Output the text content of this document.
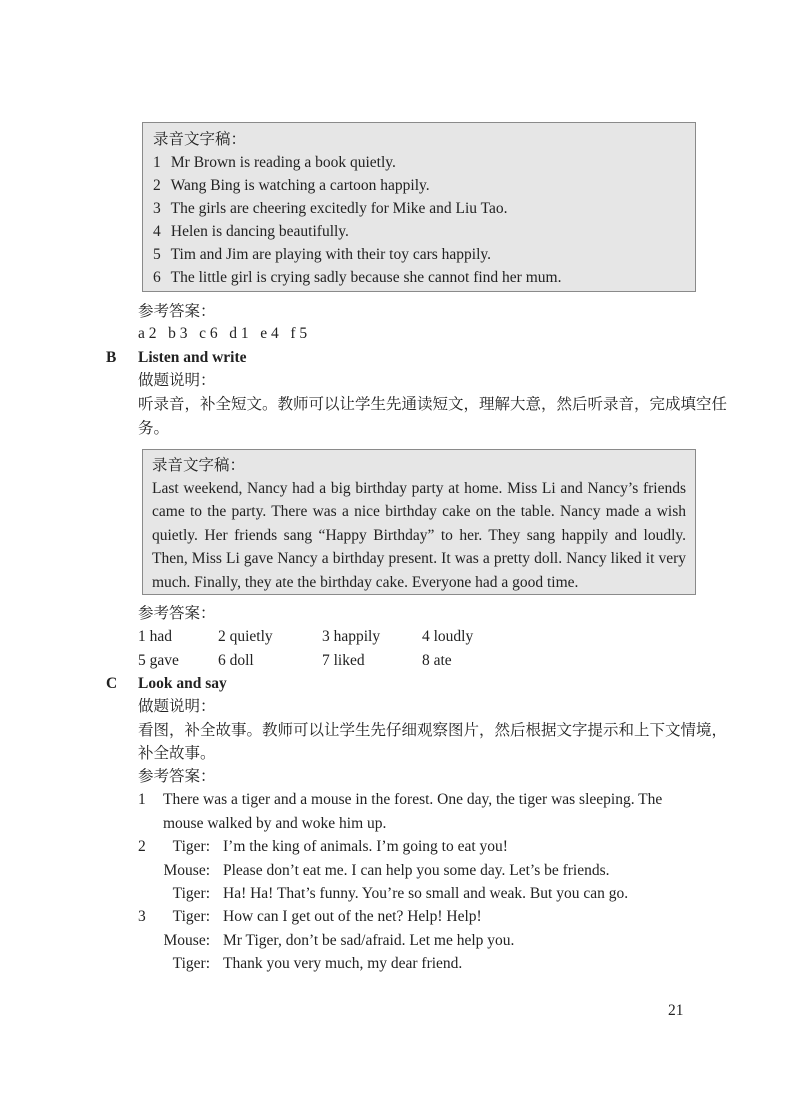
录音文字稿：
1 Mr Brown is reading a book quietly.
2 Wang Bing is watching a cartoon happily.
3 The girls are cheering excitedly for Mike and Liu Tao.
4 Helen is dancing beautifully.
5 Tim and Jim are playing with their toy cars happily.
6 The little girl is crying sadly because she cannot find her mum.
参考答案：
a 2   b 3   c 6   d 1   e 4   f 5
B Listen and write
做题说明：
听录音，补全短文。教师可以让学生先通读短文，理解大意，然后听录音，完成填空任
务。
录音文字稿：
Last weekend, Nancy had a big birthday party at home. Miss Li and Nancy’s friends came to the party. There was a nice birthday cake on the table. Nancy made a wish quietly. Her friends sang “Happy Birthday” to her. They sang happily and loudly. Then, Miss Li gave Nancy a birthday present. It was a pretty doll. Nancy liked it very much. Finally, they ate the birthday cake. Everyone had a good time.
参考答案：
1 had	2 quietly	3 happily	4 loudly
5 gave	6 doll	7 liked	8 ate
C Look and say
做题说明：
看图，补全故事。教师可以让学生先仔细观察图片，然后根据文字提示和上下文情境，
补全故事。
参考答案：
1 There was a tiger and a mouse in the forest. One day, the tiger was sleeping. The
mouse walked by and woke him up.
2	Tiger: I’m the king of animals. I’m going to eat you!
Mouse: Please don’t eat me. I can help you some day. Let’s be friends.
Tiger: Ha! Ha! That’s funny. You’re so small and weak. But you can go.
3	Tiger: How can I get out of the net? Help! Help!
Mouse: Mr Tiger, don’t be sad/afraid. Let me help you.
Tiger: Thank you very much, my dear friend.
21
